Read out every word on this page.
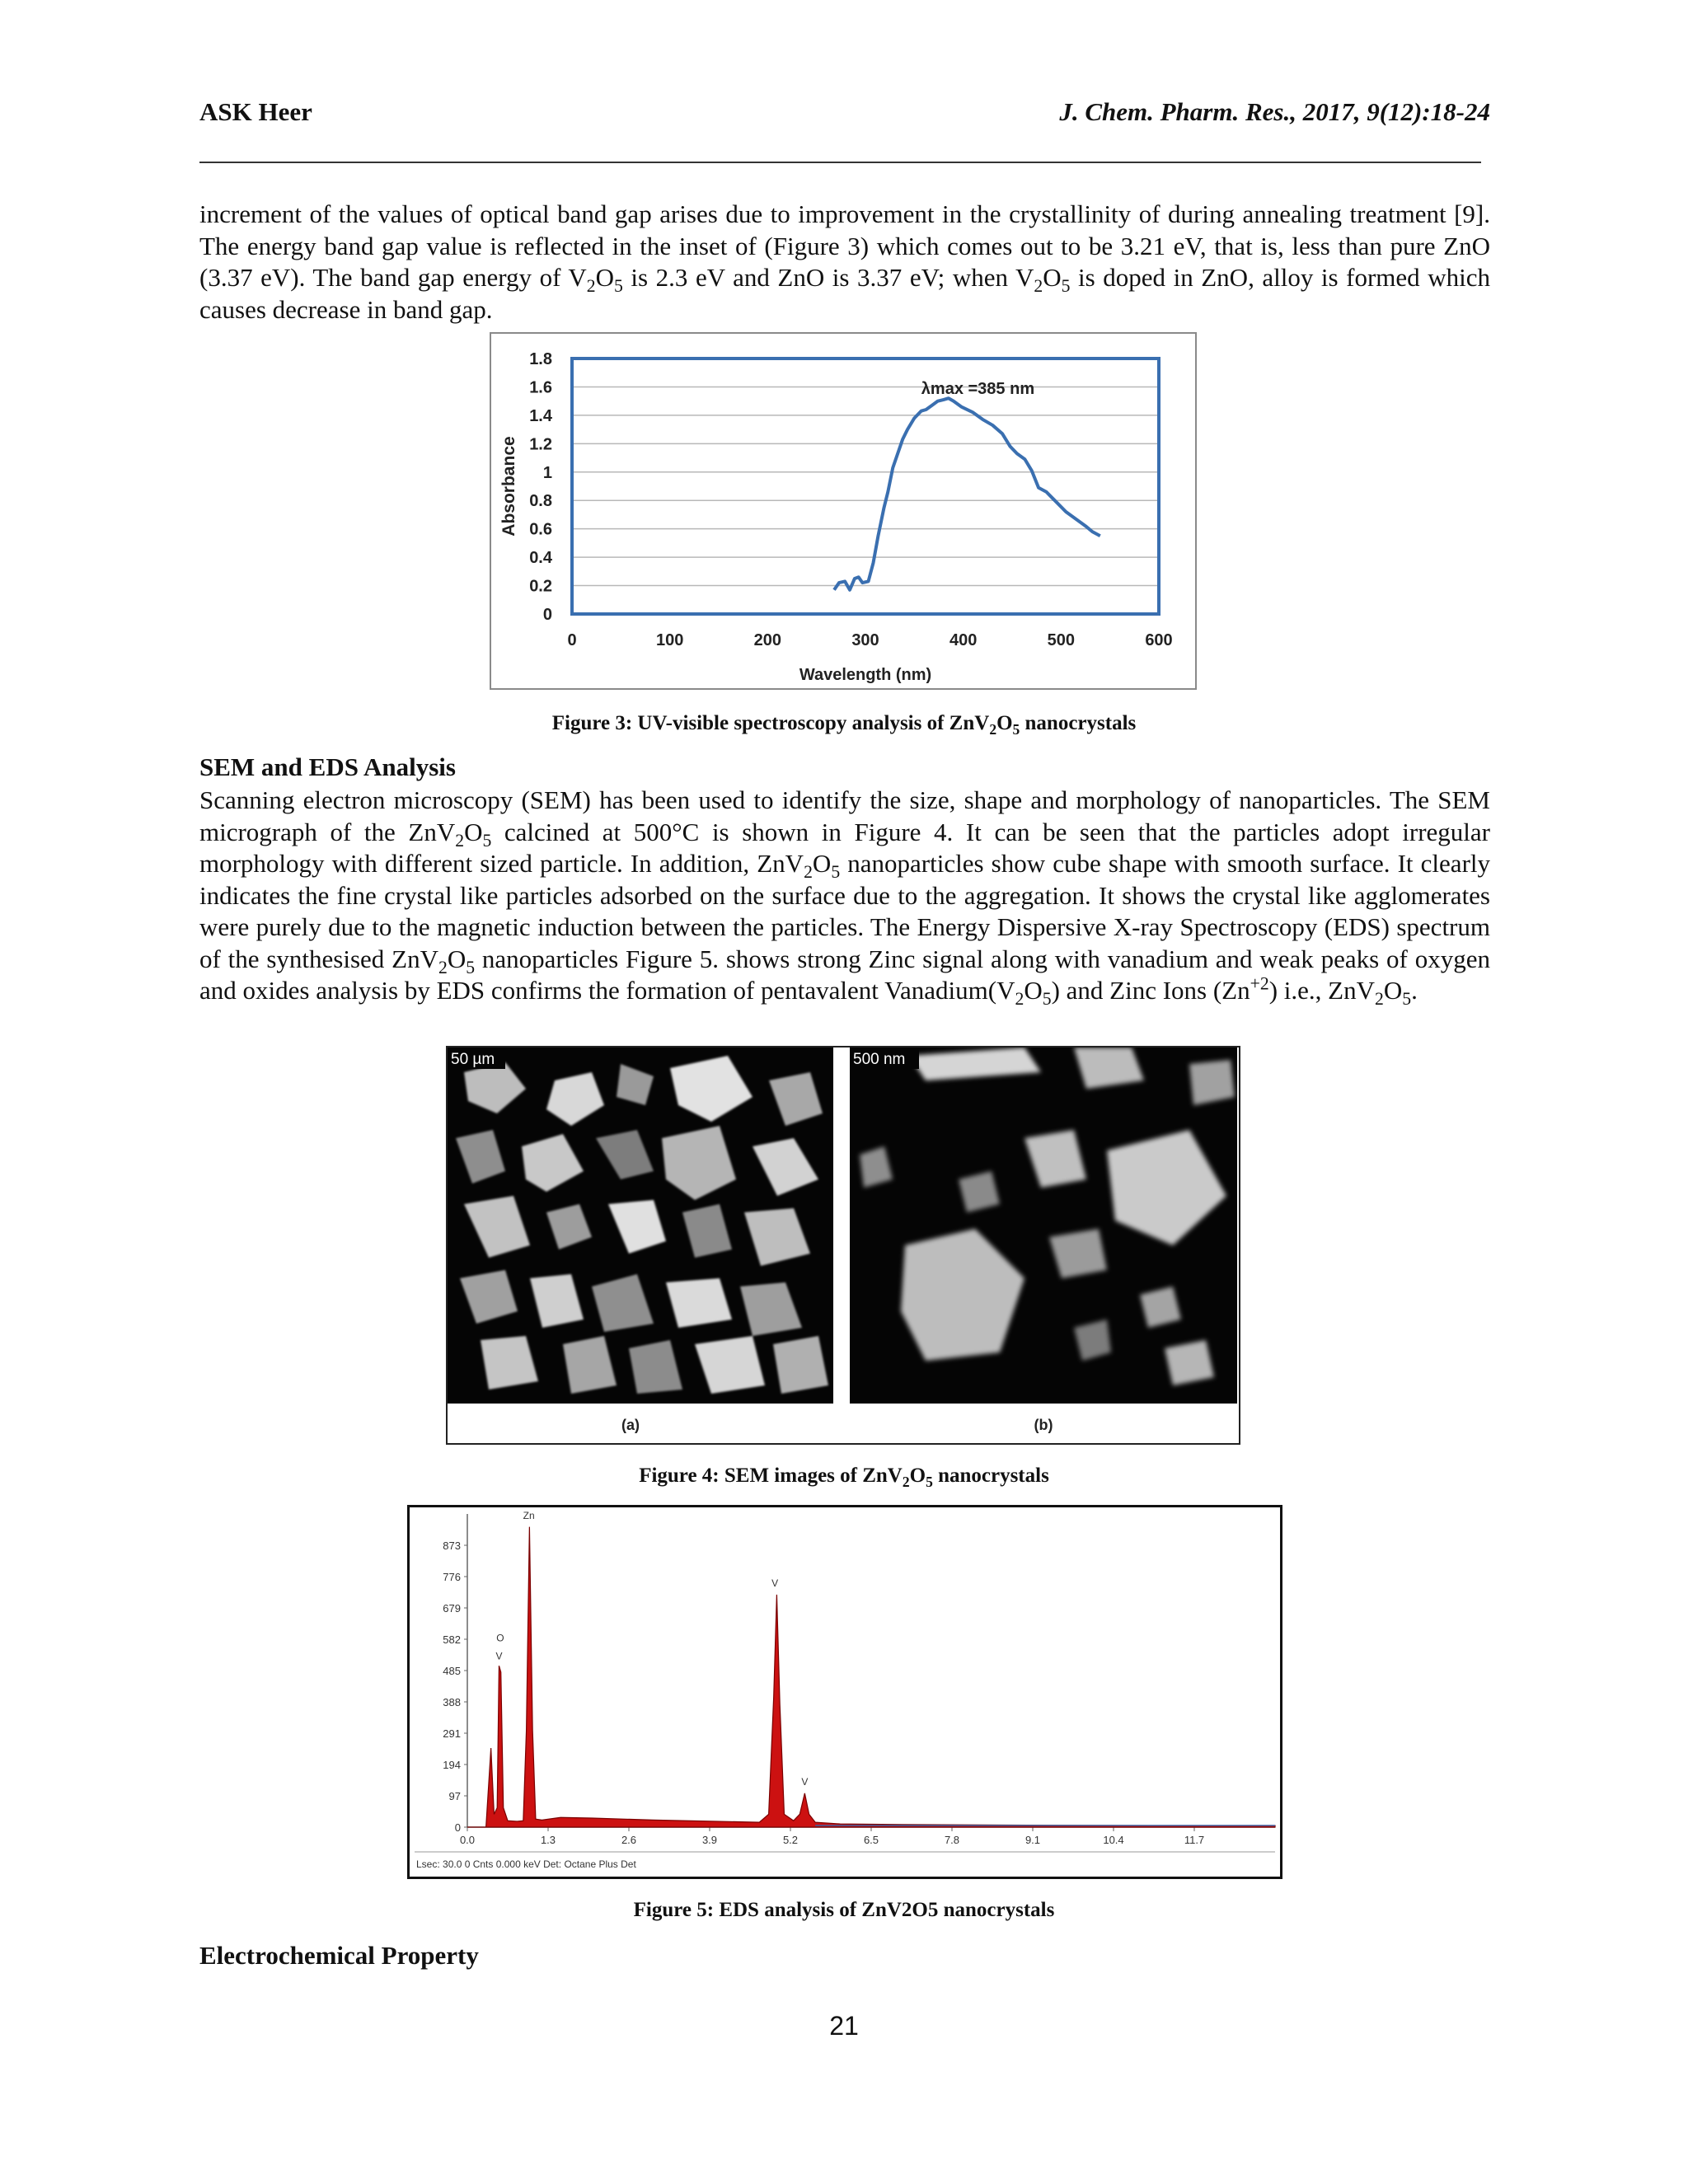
ASK Heer	J. Chem. Pharm. Res., 2017, 9(12):18-24

increment of the values of optical band gap arises due to improvement in the crystallinity of during annealing treatment [9]. The energy band gap value is reflected in the inset of (Figure 3) which comes out to be 3.21 eV, that is, less than pure ZnO (3.37 eV). The band gap energy of $V_2O_5$ is 2.3 eV and ZnO is 3.37 eV; when $V_2O_5$ is doped in ZnO, alloy is formed which causes decrease in band gap.

1.8
1.6
1.4
1.2
1
0.8
0.6
0.4
0.2
0
0	100	200	300	400	500	600
λmax =385 nm
Wavelength (nm)
Absorbance
Figure 3: UV-visible spectroscopy analysis of $ZnV_2O_5$ nanocrystals
SEM and EDS Analysis

Scanning electron microscopy (SEM) has been used to identify the size, shape and morphology of nanoparticles. The SEM micrograph of the $ZnV_2O_5$ calcined at 500°C is shown in Figure 4. It can be seen that the particles adopt irregular morphology with different sized particle. In addition, $ZnV_2O_5$ nanoparticles show cube shape with smooth surface. It clearly indicates the fine crystal like particles adsorbed on the surface due to the aggregation. It shows the crystal like agglomerates were purely due to the magnetic induction between the particles. The Energy Dispersive X-ray Spectroscopy (EDS) spectrum of the synthesised $ZnV_2O_5$ nanoparticles Figure 5. shows strong Zinc signal along with vanadium and weak peaks of oxygen and oxides analysis by EDS confirms the formation of pentavalent $Vanadium(V_2O_5)$ and Zinc Ions $(Zn^{+2})$ i.e., $ZnV_2O_5$.

50 µm	500 nm
(a)	(b)
Figure 4: SEM images of $ZnV_2O_5$ nanocrystals
873
776
679
582
485
388
291
194
97
0
0.0	1.3	2.6	3.9	5.2	6.5	7.8	9.1	10.4	11.7
Zn
O
V
V
V
Lsec: 30.0 0 Cnts 0.000 keV Det: Octane Plus Det
Figure 5: EDS analysis of ZnV2O5 nanocrystals
Electrochemical Property
21
